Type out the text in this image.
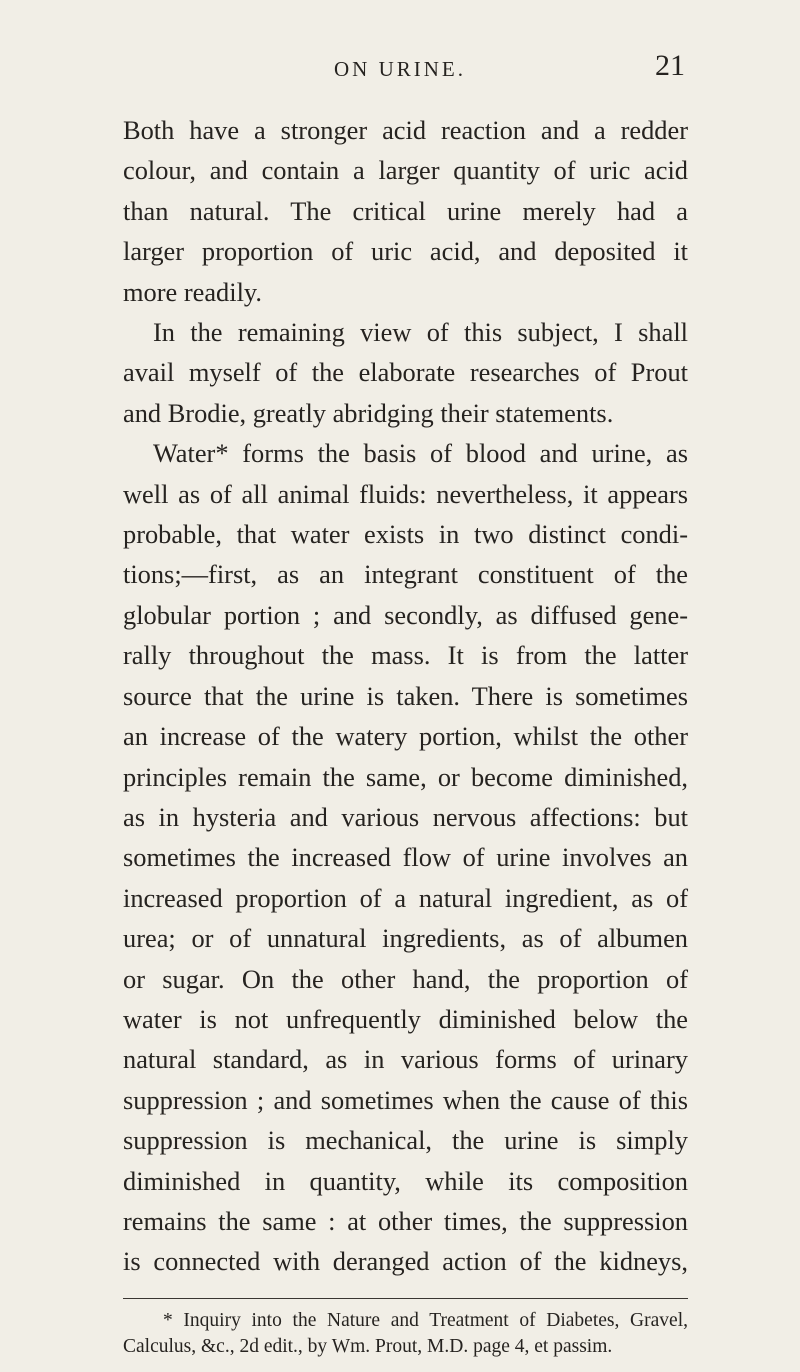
ON URINE.	21
Both have a stronger acid reaction and a redder
colour, and contain a larger quantity of uric acid
than natural. The critical urine merely had a
larger proportion of uric acid, and deposited it
more readily.
In the remaining view of this subject, I shall
avail myself of the elaborate researches of Prout
and Brodie, greatly abridging their statements.
Water* forms the basis of blood and urine, as
well as of all animal fluids: nevertheless, it appears
probable, that water exists in two distinct condi-
tions;—first, as an integrant constituent of the
globular portion ; and secondly, as diffused gene-
rally throughout the mass. It is from the latter
source that the urine is taken. There is sometimes
an increase of the watery portion, whilst the other
principles remain the same, or become diminished,
as in hysteria and various nervous affections: but
sometimes the increased flow of urine involves an
increased proportion of a natural ingredient, as of
urea; or of unnatural ingredients, as of albumen
or sugar. On the other hand, the proportion of
water is not unfrequently diminished below the
natural standard, as in various forms of urinary
suppression ; and sometimes when the cause of this
suppression is mechanical, the urine is simply
diminished in quantity, while its composition
remains the same : at other times, the suppression
is connected with deranged action of the kidneys,
* Inquiry into the Nature and Treatment of Diabetes, Gravel,
Calculus, &c., 2d edit., by Wm. Prout, M.D. page 4, et passim.
